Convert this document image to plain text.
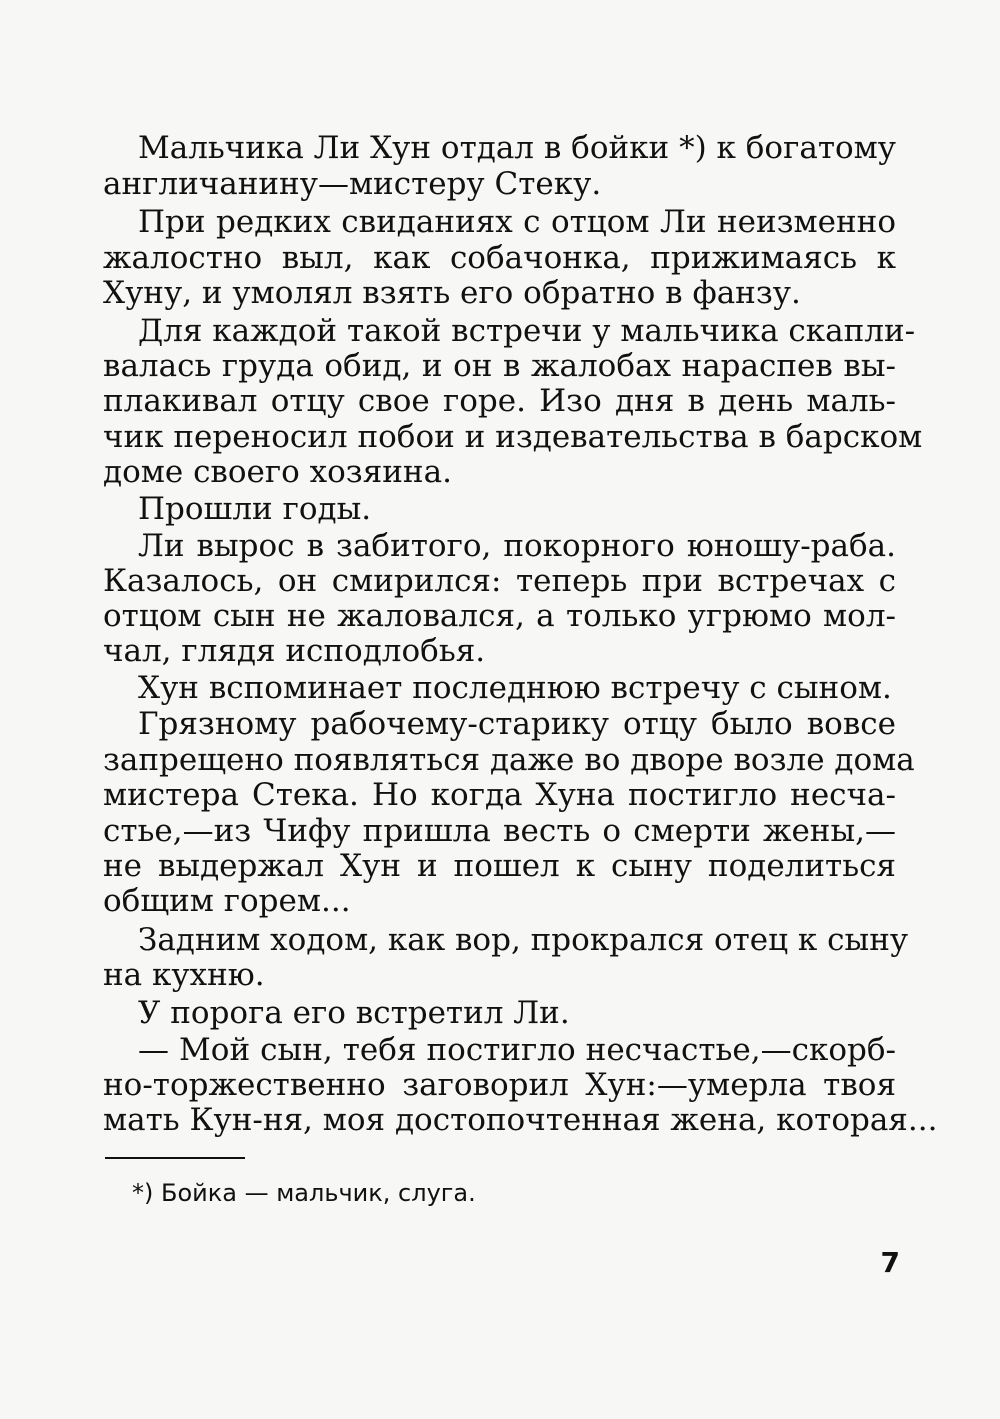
Мальчика Ли Хун отдал в бойки *) к богатому
англичанину—мистеру Стеку.
При редких свиданиях с отцом Ли неизменно
жалостно выл, как собачонка, прижимаясь к
Хуну, и умолял взять его обратно в фанзу.
Для каждой такой встречи у мальчика скапли-
валась груда обид, и он в жалобах нараспев вы-
плакивал отцу свое горе. Изо дня в день маль-
чик переносил побои и издевательства в барском
доме своего хозяина.
Прошли годы.
Ли вырос в забитого, покорного юношу-раба.
Казалось, он смирился: теперь при встречах с
отцом сын не жаловался, а только угрюмо мол-
чал, глядя исподлобья.
Хун вспоминает последнюю встречу с сыном.
Грязному рабочему-старику отцу было вовсе
запрещено появляться даже во дворе возле дома
мистера Стека. Но когда Хуна постигло несча-
стье,—из Чифу пришла весть о смерти жены,—
не выдержал Хун и пошел к сыну поделиться
общим горем...
Задним ходом, как вор, прокрался отец к сыну
на кухню.
У порога его встретил Ли.
— Мой сын, тебя постигло несчастье,—скорб-
но-торжественно заговорил Хун:—умерла твоя
мать Кун-ня, моя достопочтенная жена, которая...
*) Бойка — мальчик, слуга.
7
